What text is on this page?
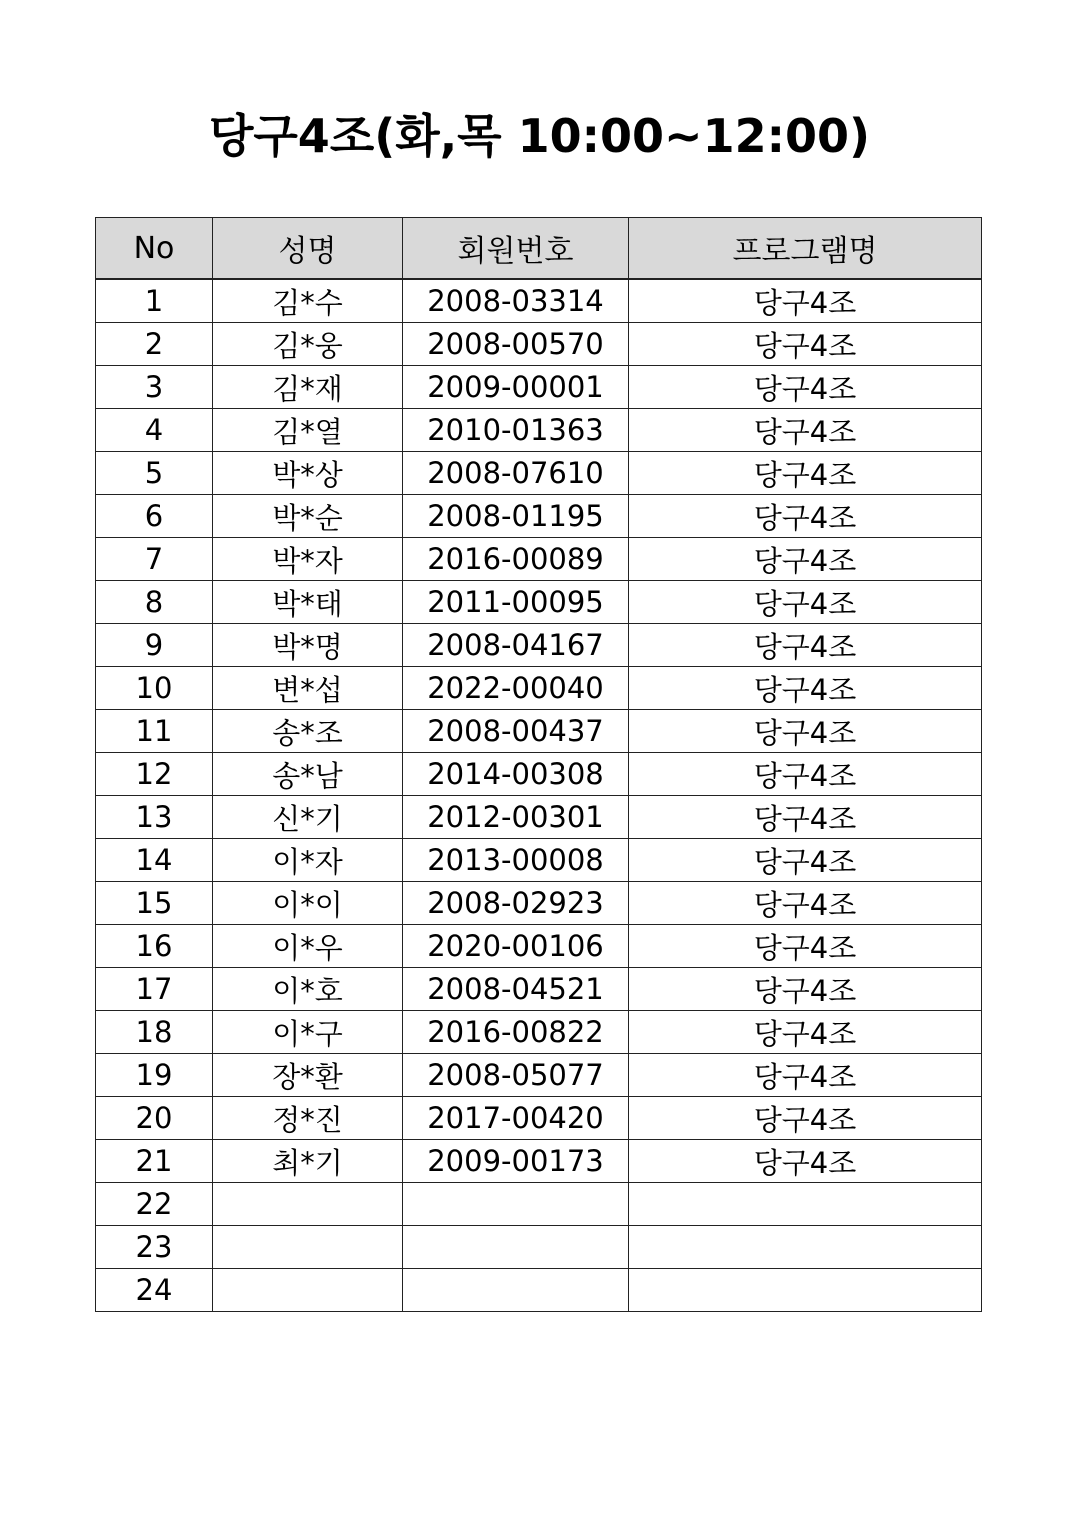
당구4조(화,목 10:00~12:00)
No	성명	회원번호	프로그램명
1	김*수	2008-03314	당구4조
2	김*웅	2008-00570	당구4조
3	김*재	2009-00001	당구4조
4	김*열	2010-01363	당구4조
5	박*상	2008-07610	당구4조
6	박*순	2008-01195	당구4조
7	박*자	2016-00089	당구4조
8	박*태	2011-00095	당구4조
9	박*명	2008-04167	당구4조
10	변*섭	2022-00040	당구4조
11	송*조	2008-00437	당구4조
12	송*남	2014-00308	당구4조
13	신*기	2012-00301	당구4조
14	이*자	2013-00008	당구4조
15	이*이	2008-02923	당구4조
16	이*우	2020-00106	당구4조
17	이*호	2008-04521	당구4조
18	이*구	2016-00822	당구4조
19	장*환	2008-05077	당구4조
20	정*진	2017-00420	당구4조
21	최*기	2009-00173	당구4조
22			
23			
24			
